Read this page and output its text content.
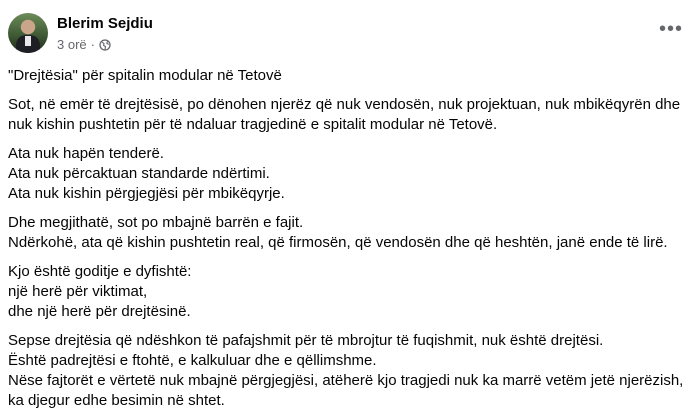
Blerim Sejdiu
3 orë ·
•••

"Drejtësia" për spitalin modular në Tetovë

Sot, në emër të drejtësisë, po dënohen njerëz që nuk vendosën, nuk projektuan, nuk mbikëqyrën dhe nuk kishin pushtetin për të ndaluar tragjedinë e spitalit modular në Tetovë.

Ata nuk hapën tenderë.
Ata nuk përcaktuan standarde ndërtimi.
Ata nuk kishin përgjegjësi për mbikëqyrje.

Dhe megjithatë, sot po mbajnë barrën e fajit.
Ndërkohë, ata që kishin pushtetin real, që firmosën, që vendosën dhe që heshtën, janë ende të lirë.

Kjo është goditje e dyfishtë:
një herë për viktimat,
dhe një herë për drejtësinë.

Sepse drejtësia që ndëshkon të pafajshmit për të mbrojtur të fuqishmit, nuk është drejtësi.
Është padrejtësi e ftohtë, e kalkuluar dhe e qëllimshme.
Nëse fajtorët e vërtetë nuk mbajnë përgjegjësi, atëherë kjo tragjedi nuk ka marrë vetëm jetë njerëzish, ka djegur edhe besimin në shtet.
